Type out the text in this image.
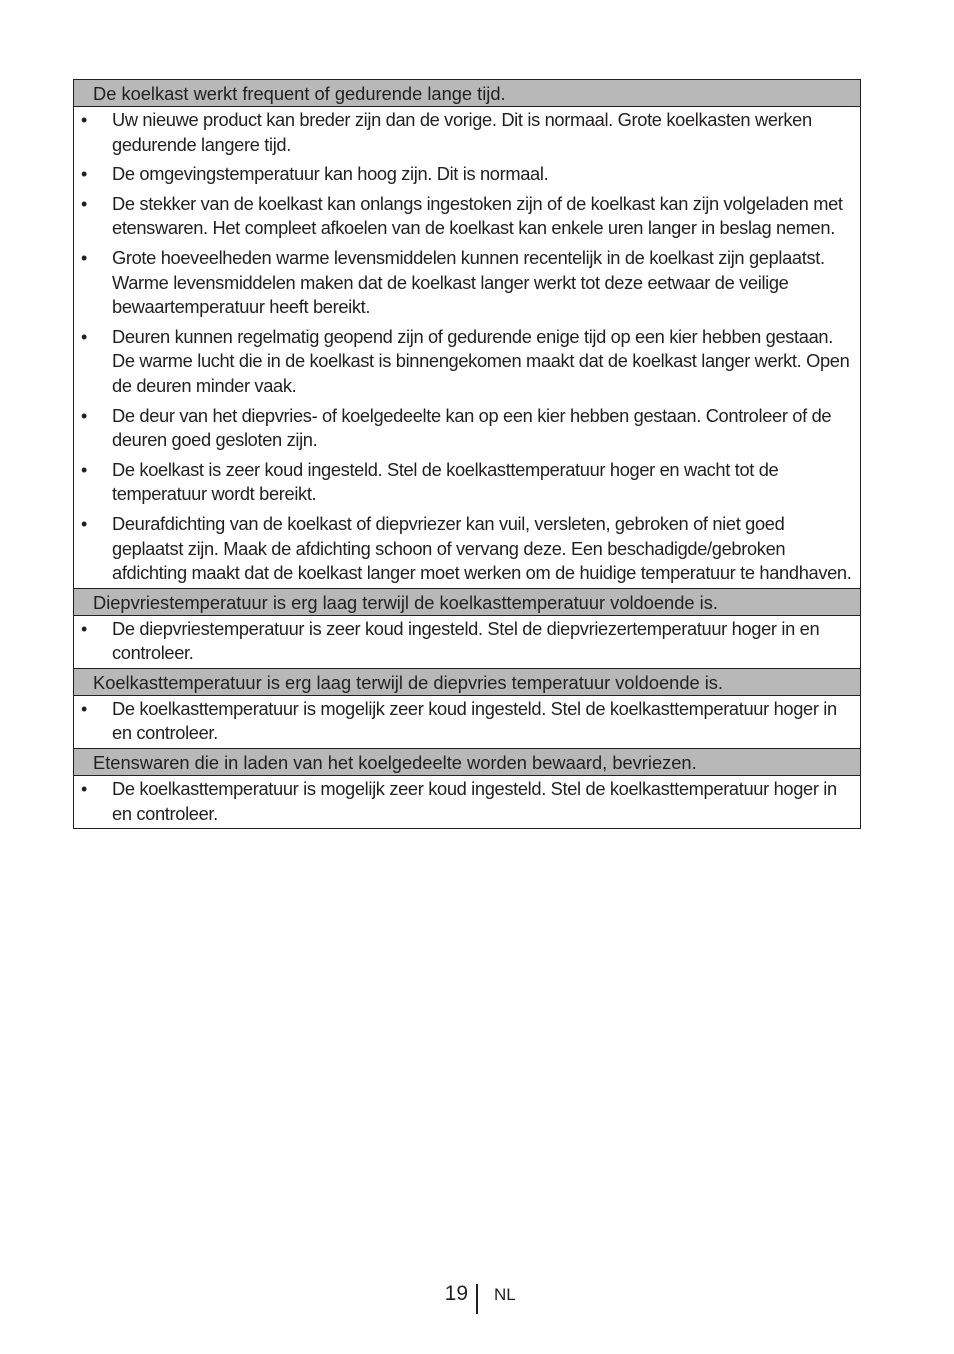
De koelkast werkt frequent of gedurende lange tijd.
• Uw nieuwe product kan breder zijn dan de vorige. Dit is normaal. Grote koelkasten werken gedurende langere tijd.
• De omgevingstemperatuur kan hoog zijn. Dit is normaal.
• De stekker van de koelkast kan onlangs ingestoken zijn of de koelkast kan zijn volgeladen met etenswaren. Het compleet afkoelen van de koelkast kan enkele uren langer in beslag nemen.
• Grote hoeveelheden warme levensmiddelen kunnen recentelijk in de koelkast zijn geplaatst. Warme levensmiddelen maken dat de koelkast langer werkt tot deze eetwaar de veilige bewaartemperatuur heeft bereikt.
• Deuren kunnen regelmatig geopend zijn of gedurende enige tijd op een kier hebben gestaan. De warme lucht die in de koelkast is binnengekomen maakt dat de koelkast langer werkt. Open de deuren minder vaak.
• De deur van het diepvries- of koelgedeelte kan op een kier hebben gestaan. Controleer of de deuren goed gesloten zijn.
• De koelkast is zeer koud ingesteld. Stel de koelkasttemperatuur hoger en wacht tot de temperatuur wordt bereikt.
• Deurafdichting van de koelkast of diepvriezer kan vuil, versleten, gebroken of niet goed geplaatst zijn. Maak de afdichting schoon of vervang deze. Een beschadigde/gebroken afdichting maakt dat de koelkast langer moet werken om de huidige temperatuur te handhaven.
Diepvriestemperatuur is erg laag terwijl de koelkasttemperatuur voldoende is.
• De diepvriestemperatuur is zeer koud ingesteld. Stel de diepvriezertemperatuur hoger in en controleer.
Koelkasttemperatuur is erg laag terwijl de diepvries temperatuur voldoende is.
• De koelkasttemperatuur is mogelijk zeer koud ingesteld. Stel de koelkasttemperatuur hoger in en controleer.
Etenswaren die in laden van het koelgedeelte worden bewaard, bevriezen.
• De koelkasttemperatuur is mogelijk zeer koud ingesteld. Stel de koelkasttemperatuur hoger in en controleer.
19 NL
